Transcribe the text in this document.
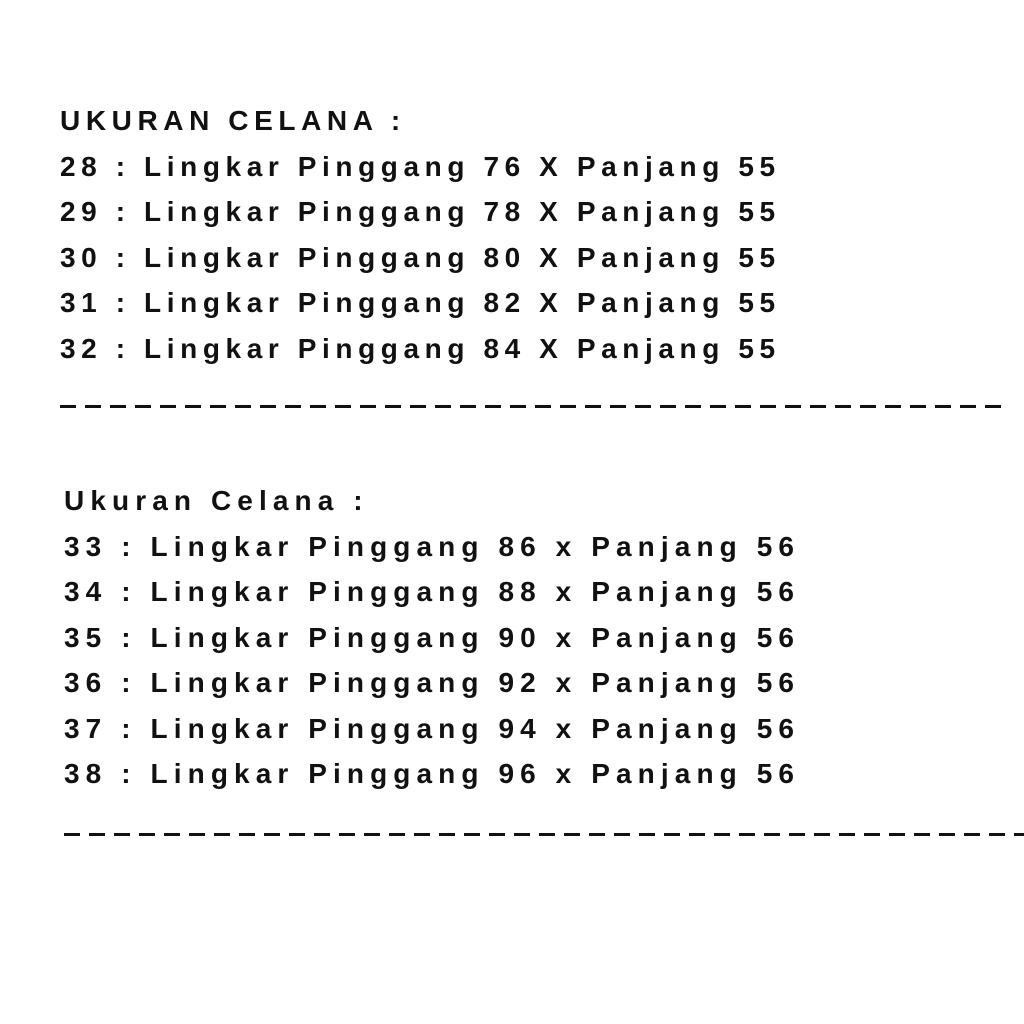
UKURAN CELANA :
28 : Lingkar Pinggang 76 X Panjang 55
29 : Lingkar Pinggang 78 X Panjang 55
30 : Lingkar Pinggang 80 X Panjang 55
31 : Lingkar Pinggang 82 X Panjang 55
32 : Lingkar Pinggang 84 X Panjang 55
Ukuran Celana :
33 : Lingkar Pinggang 86 x Panjang 56
34 : Lingkar Pinggang 88 x Panjang 56
35 : Lingkar Pinggang 90 x Panjang 56
36 : Lingkar Pinggang 92 x Panjang 56
37 : Lingkar Pinggang 94 x Panjang 56
38 : Lingkar Pinggang 96 x Panjang 56
